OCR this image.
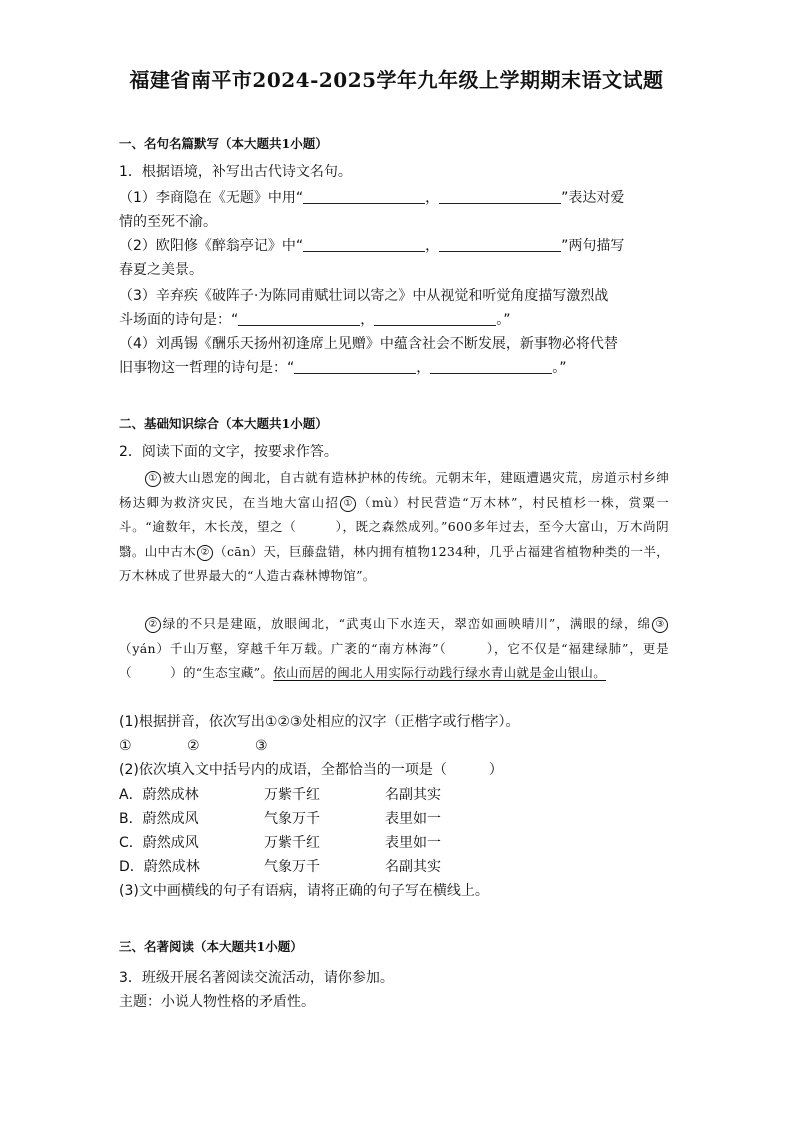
福建省南平市2024-2025学年九年级上学期期末语文试题
一、名句名篇默写（本大题共1小题）
1．根据语境，补写出古代诗文名句。
（1）李商隐在《无题》中用“	，	”表达对爱
情的至死不渝。
（2）欧阳修《醉翁亭记》中“	，	”两句描写
春夏之美景。
（3）辛弃疾《破阵子·为陈同甫赋壮词以寄之》中从视觉和听觉角度描写激烈战
斗场面的诗句是：“	，	。”
（4）刘禹锡《酬乐天扬州初逢席上见赠》中蕴含社会不断发展，新事物必将代替
旧事物这一哲理的诗句是：“	，	。”
二、基础知识综合（本大题共1小题）
2．阅读下面的文字，按要求作答。
① 被大山恩宠的闽北，自古就有造林护林的传统。元朝末年，建瓯遭遇灾荒，房道示村乡绅杨达卿为救济灾民，在当地大富山招 ① （mù）村民营造“万木林”，村民植杉一株，赏粟一斗。“逾数年，木长茂，望之（　　　），既之森然成列。”600多年过去，至今大富山，万木尚阴翳。山中古木 ② （cān）天，巨藤盘错，林内拥有植物1234种，几乎占福建省植物种类的一半，万木林成了世界最大的“人造古森林博物馆”。
② 绿的不只是建瓯，放眼闽北，“武夷山下水连天，翠峦如画映晴川”，满眼的绿，绵 ③（yán）千山万壑，穿越千年万载。广袤的“南方林海”（　　　），它不仅是“福建绿肺”，更是（　　　）的“生态宝藏”。依山而居的闽北人用实际行动践行绿水青山就是金山银山。
(1)根据拼音，依次写出①②③处相应的汉字（正楷字或行楷字）。
①	②	③
(2)依次填入文中括号内的成语，全都恰当的一项是（　　　）
A．蔚然成林	万紫千红	名副其实
B．蔚然成风	气象万千	表里如一
C．蔚然成风	万紫千红	表里如一
D．蔚然成林	气象万千	名副其实
(3)文中画横线的句子有语病，请将正确的句子写在横线上。
三、名著阅读（本大题共1小题）
3．班级开展名著阅读交流活动，请你参加。
主题：小说人物性格的矛盾性。
